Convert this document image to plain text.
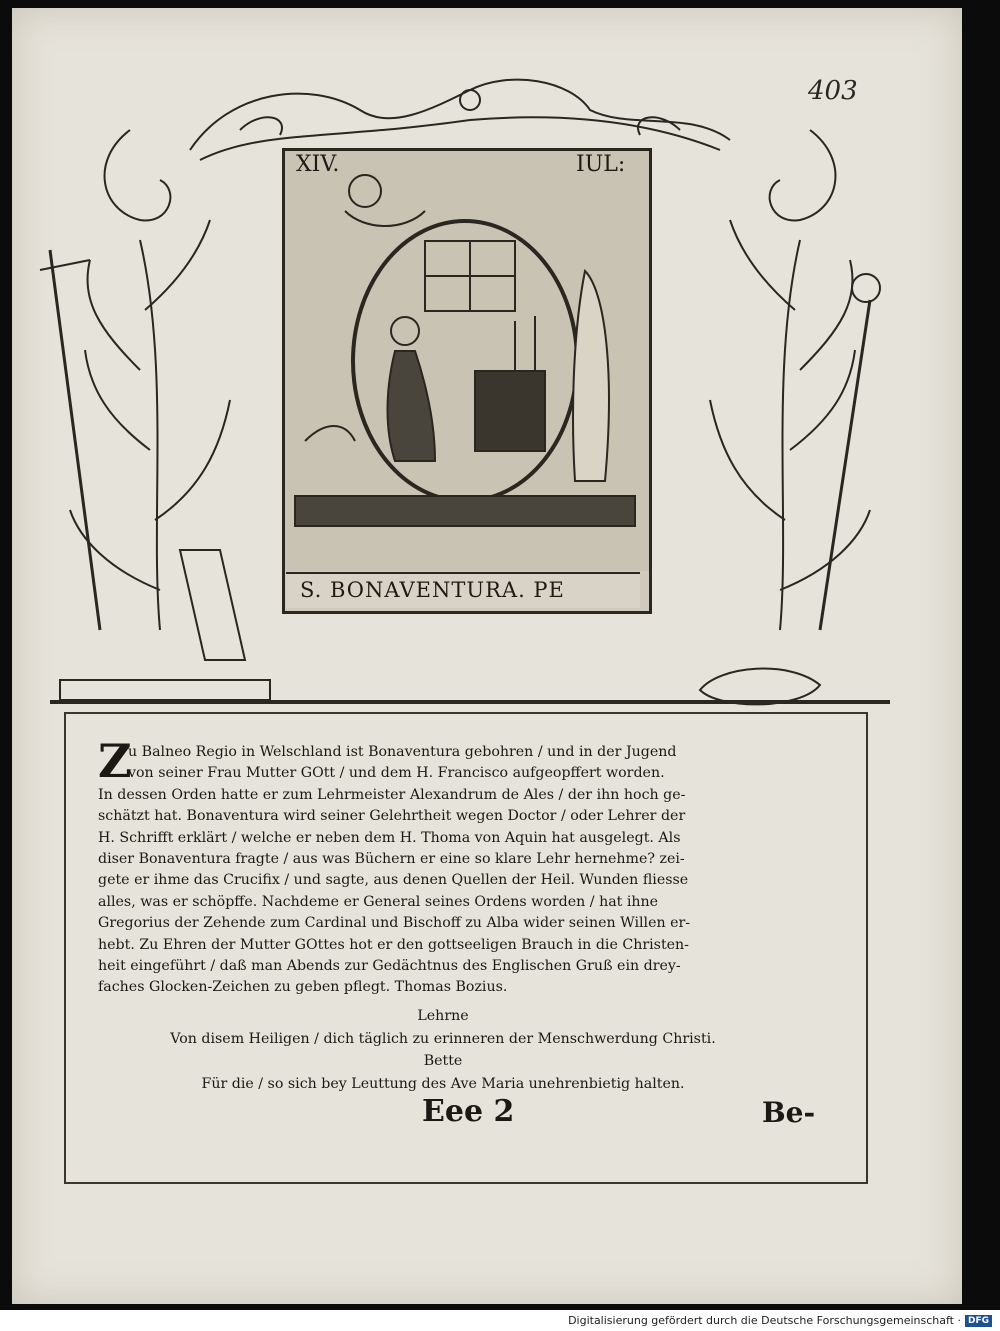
403
XIV.	IUL:
S. BONAVENTURA. PE
Z
u Balneo Regio in Welschland ist Bonaventura gebohren / und in der Jugend
von seiner Frau Mutter GOtt / und dem H. Francisco aufgeopffert worden.
In dessen Orden hatte er zum Lehrmeister Alexandrum de Ales / der ihn hoch ge-
schätzt hat. Bonaventura wird seiner Gelehrtheit wegen Doctor / oder Lehrer der
H. Schrifft erklärt / welche er neben dem H. Thoma von Aquin hat ausgelegt. Als
diser Bonaventura fragte / aus was Büchern er eine so klare Lehr hernehme? zei-
gete er ihme das Crucifix / und sagte, aus denen Quellen der Heil. Wunden fliesse
alles, was er schöpffe. Nachdeme er General seines Ordens worden / hat ihne
Gregorius der Zehende zum Cardinal und Bischoff zu Alba wider seinen Willen er-
hebt. Zu Ehren der Mutter GOttes hot er den gottseeligen Brauch in die Christen-
heit eingeführt / daß man Abends zur Gedächtnus des Englischen Gruß ein drey-
faches Glocken-Zeichen zu geben pflegt. Thomas Bozius.
Lehrne
Von disem Heiligen / dich täglich zu erinneren der Menschwerdung Christi.
Bette
Für die / so sich bey Leuttung des Ave Maria unehrenbietig halten.
Eee 2	Be-
Digitalisierung gefördert durch die Deutsche Forschungsgemeinschaft · DFG
